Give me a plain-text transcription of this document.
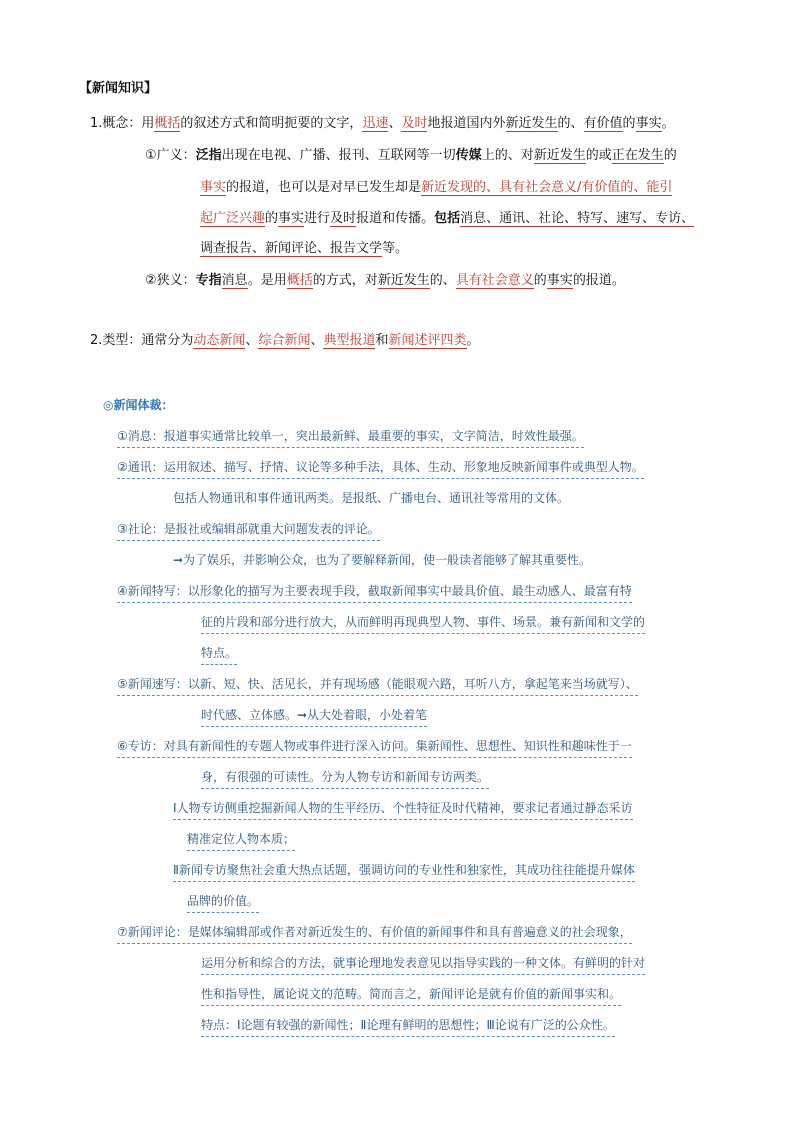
【新闻知识】
1.概念：用概括的叙述方式和简明扼要的文字，迅速、及时地报道国内外新近发生的、有价值的事实。
①广义：泛指出现在电视、广播、报刊、互联网等一切传媒上的、对新近发生的或正在发生的
事实的报道，也可以是对早已发生却是新近发现的、具有社会意义/有价值的、能引
起广泛兴趣的事实进行及时报道和传播。包括消息、通讯、社论、特写、速写、专访、
调查报告、新闻评论、报告文学等。
②狭义：专指消息。是用概括的方式，对新近发生的、具有社会意义的事实的报道。
2.类型：通常分为动态新闻、综合新闻、典型报道和新闻述评四类。
◎新闻体裁：
①消息：报道事实通常比较单一，突出最新鲜、最重要的事实，文字简洁，时效性最强。
②通讯：运用叙述、描写、抒情、议论等多种手法，具体、生动、形象地反映新闻事件或典型人物。
包括人物通讯和事件通讯两类。是报纸、广播电台、通讯社等常用的文体。
③社论：是报社或编辑部就重大问题发表的评论。
➞为了娱乐，并影响公众，也为了要解释新闻，使一般读者能够了解其重要性。
④新闻特写：以形象化的描写为主要表现手段，截取新闻事实中最具价值、最生动感人、最富有特
征的片段和部分进行放大，从而鲜明再现典型人物、事件、场景。兼有新闻和文学的
特点。
⑤新闻速写：以新、短、快、活见长，并有现场感（能眼观六路，耳听八方，拿起笔来当场就写）、
时代感、立体感。➞从大处着眼，小处着笔
⑥专访：对具有新闻性的专题人物或事件进行深入访问。集新闻性、思想性、知识性和趣味性于一
身，有很强的可读性。分为人物专访和新闻专访两类。
Ⅰ人物专访侧重挖掘新闻人物的生平经历、个性特征及时代精神，要求记者通过静态采访
精准定位人物本质；
Ⅱ新闻专访聚焦社会重大热点话题，强调访问的专业性和独家性，其成功往往能提升媒体
品牌的价值。
⑦新闻评论：是媒体编辑部或作者对新近发生的、有价值的新闻事件和具有普遍意义的社会现象，
运用分析和综合的方法，就事论理地发表意见以指导实践的一种文体。有鲜明的针对
性和指导性，属论说文的范畴。简而言之，新闻评论是就有价值的新闻事实和。
特点：Ⅰ论题有较强的新闻性；Ⅱ论理有鲜明的思想性；Ⅲ论说有广泛的公众性。
